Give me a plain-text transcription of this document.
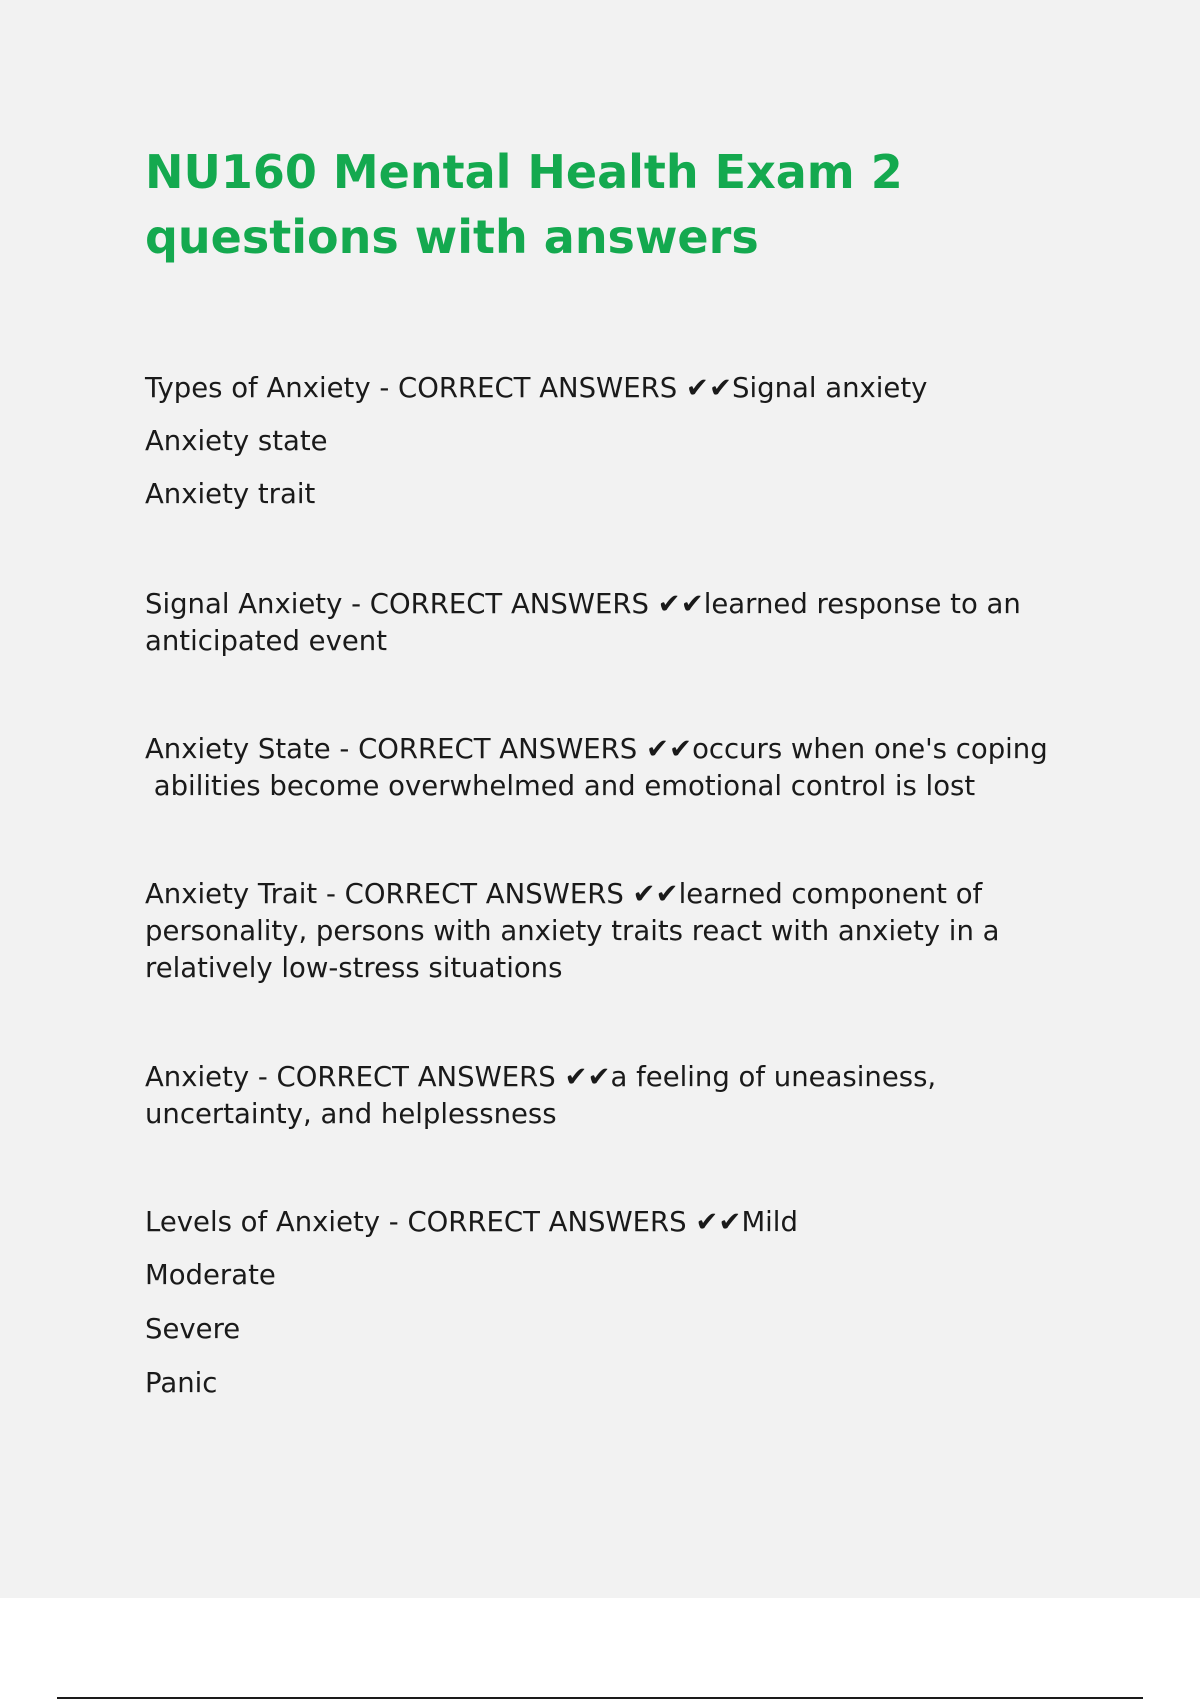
NU160 Mental Health Exam 2
questions with answers
Types of Anxiety - CORRECT ANSWERS ✔✔Signal anxiety
Anxiety state
Anxiety trait
Signal Anxiety - CORRECT ANSWERS ✔✔learned response to an
anticipated event
Anxiety State - CORRECT ANSWERS ✔✔occurs when one's coping
abilities become overwhelmed and emotional control is lost
Anxiety Trait - CORRECT ANSWERS ✔✔learned component of
personality, persons with anxiety traits react with anxiety in a
relatively low-stress situations
Anxiety - CORRECT ANSWERS ✔✔a feeling of uneasiness,
uncertainty, and helplessness
Levels of Anxiety - CORRECT ANSWERS ✔✔Mild
Moderate
Severe
Panic
